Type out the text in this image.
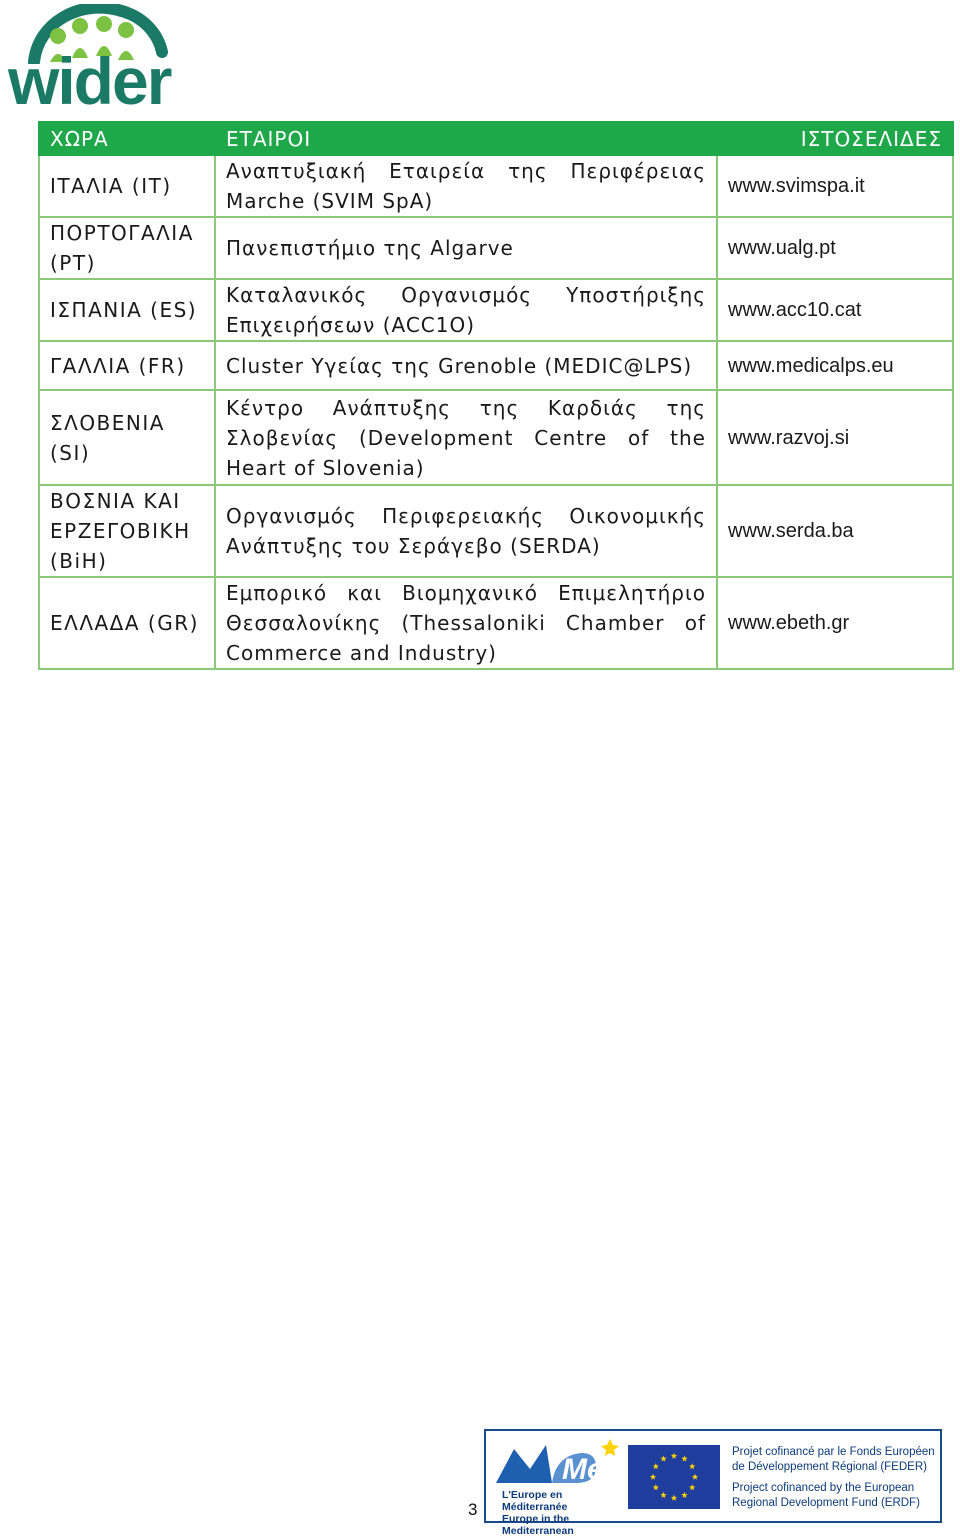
wider
ΧΩΡΑ	ΕΤΑΙΡΟΙ	ΙΣΤΟΣΕΛΙΔΕΣ
ΙΤΑΛΙΑ (IT)	Αναπτυξιακή Εταιρεία της Περιφέρειας Marche (SVIM SpA)	www.svimspa.it
ΠΟΡΤΟΓΑΛΙΑ (PT)	Πανεπιστήμιο της Algarve	www.ualg.pt
ΙΣΠΑΝΙΑ (ES)	Καταλανικός Οργανισμός Υποστήριξης Επιχειρήσεων (ACC1O)	www.acc10.cat
ΓΑΛΛΙΑ (FR)	Cluster Υγείας της Grenoble (MEDIC@LPS)	www.medicalps.eu
ΣΛΟΒΕΝΙΑ (SI)	Κέντρο Ανάπτυξης της Καρδιάς της Σλοβενίας (Development Centre of the Heart of Slovenia)	www.razvoj.si
ΒΟΣΝΙΑ ΚΑΙ ΕΡΖΕΓΟΒΙΚΗ (BiH)	Οργανισμός Περιφερειακής Οικονομικής Ανάπτυξης του Σεράγεβο (SERDA)	www.serda.ba
ΕΛΛΑΔΑ (GR)	Εμπορικό και Βιομηχανικό Επιμελητήριο Θεσσαλονίκης (Thessaloniki Chamber of Commerce and Industry)	www.ebeth.gr
3
Med
L'Europe en Méditerranée
Europe in the Mediterranean

Projet cofinancé par le Fonds Européen de Développement Régional (FEDER)

Project cofinanced by the European Regional Development Fund (ERDF)
